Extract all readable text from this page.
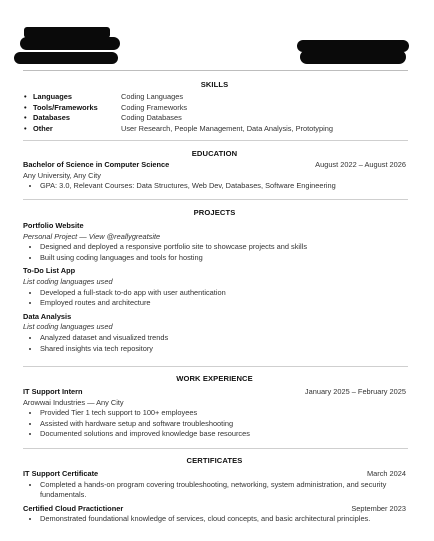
SKILLS
• Languages	Coding Languages
• Tools/Frameworks	Coding Frameworks
• Databases	Coding Databases
• Other	User Research, People Management, Data Analysis, Prototyping
EDUCATION
Bachelor of Science in Computer Science	August 2022 – August 2026
Any University, Any City
• GPA: 3.0, Relevant Courses: Data Structures, Web Dev, Databases, Software Engineering
PROJECTS
Portfolio Website
Personal Project — View @reallygreatsite
• Designed and deployed a responsive portfolio site to showcase projects and skills
• Built using coding languages and tools for hosting
To-Do List App
List coding languages used
• Developed a full-stack to-do app with user authentication
• Employed routes and architecture
Data Analysis
List coding languages used
• Analyzed dataset and visualized trends
• Shared insights via tech repository
WORK EXPERIENCE
IT Support Intern	January 2025 – February 2025
Arowwai Industries — Any City
• Provided Tier 1 tech support to 100+ employees
• Assisted with hardware setup and software troubleshooting
• Documented solutions and improved knowledge base resources
CERTIFICATES
IT Support Certificate	March 2024
• Completed a hands-on program covering troubleshooting, networking, system administration, and security fundamentals.
Certified Cloud Practictioner	September 2023
• Demonstrated foundational knowledge of services, cloud concepts, and basic architectural principles.
